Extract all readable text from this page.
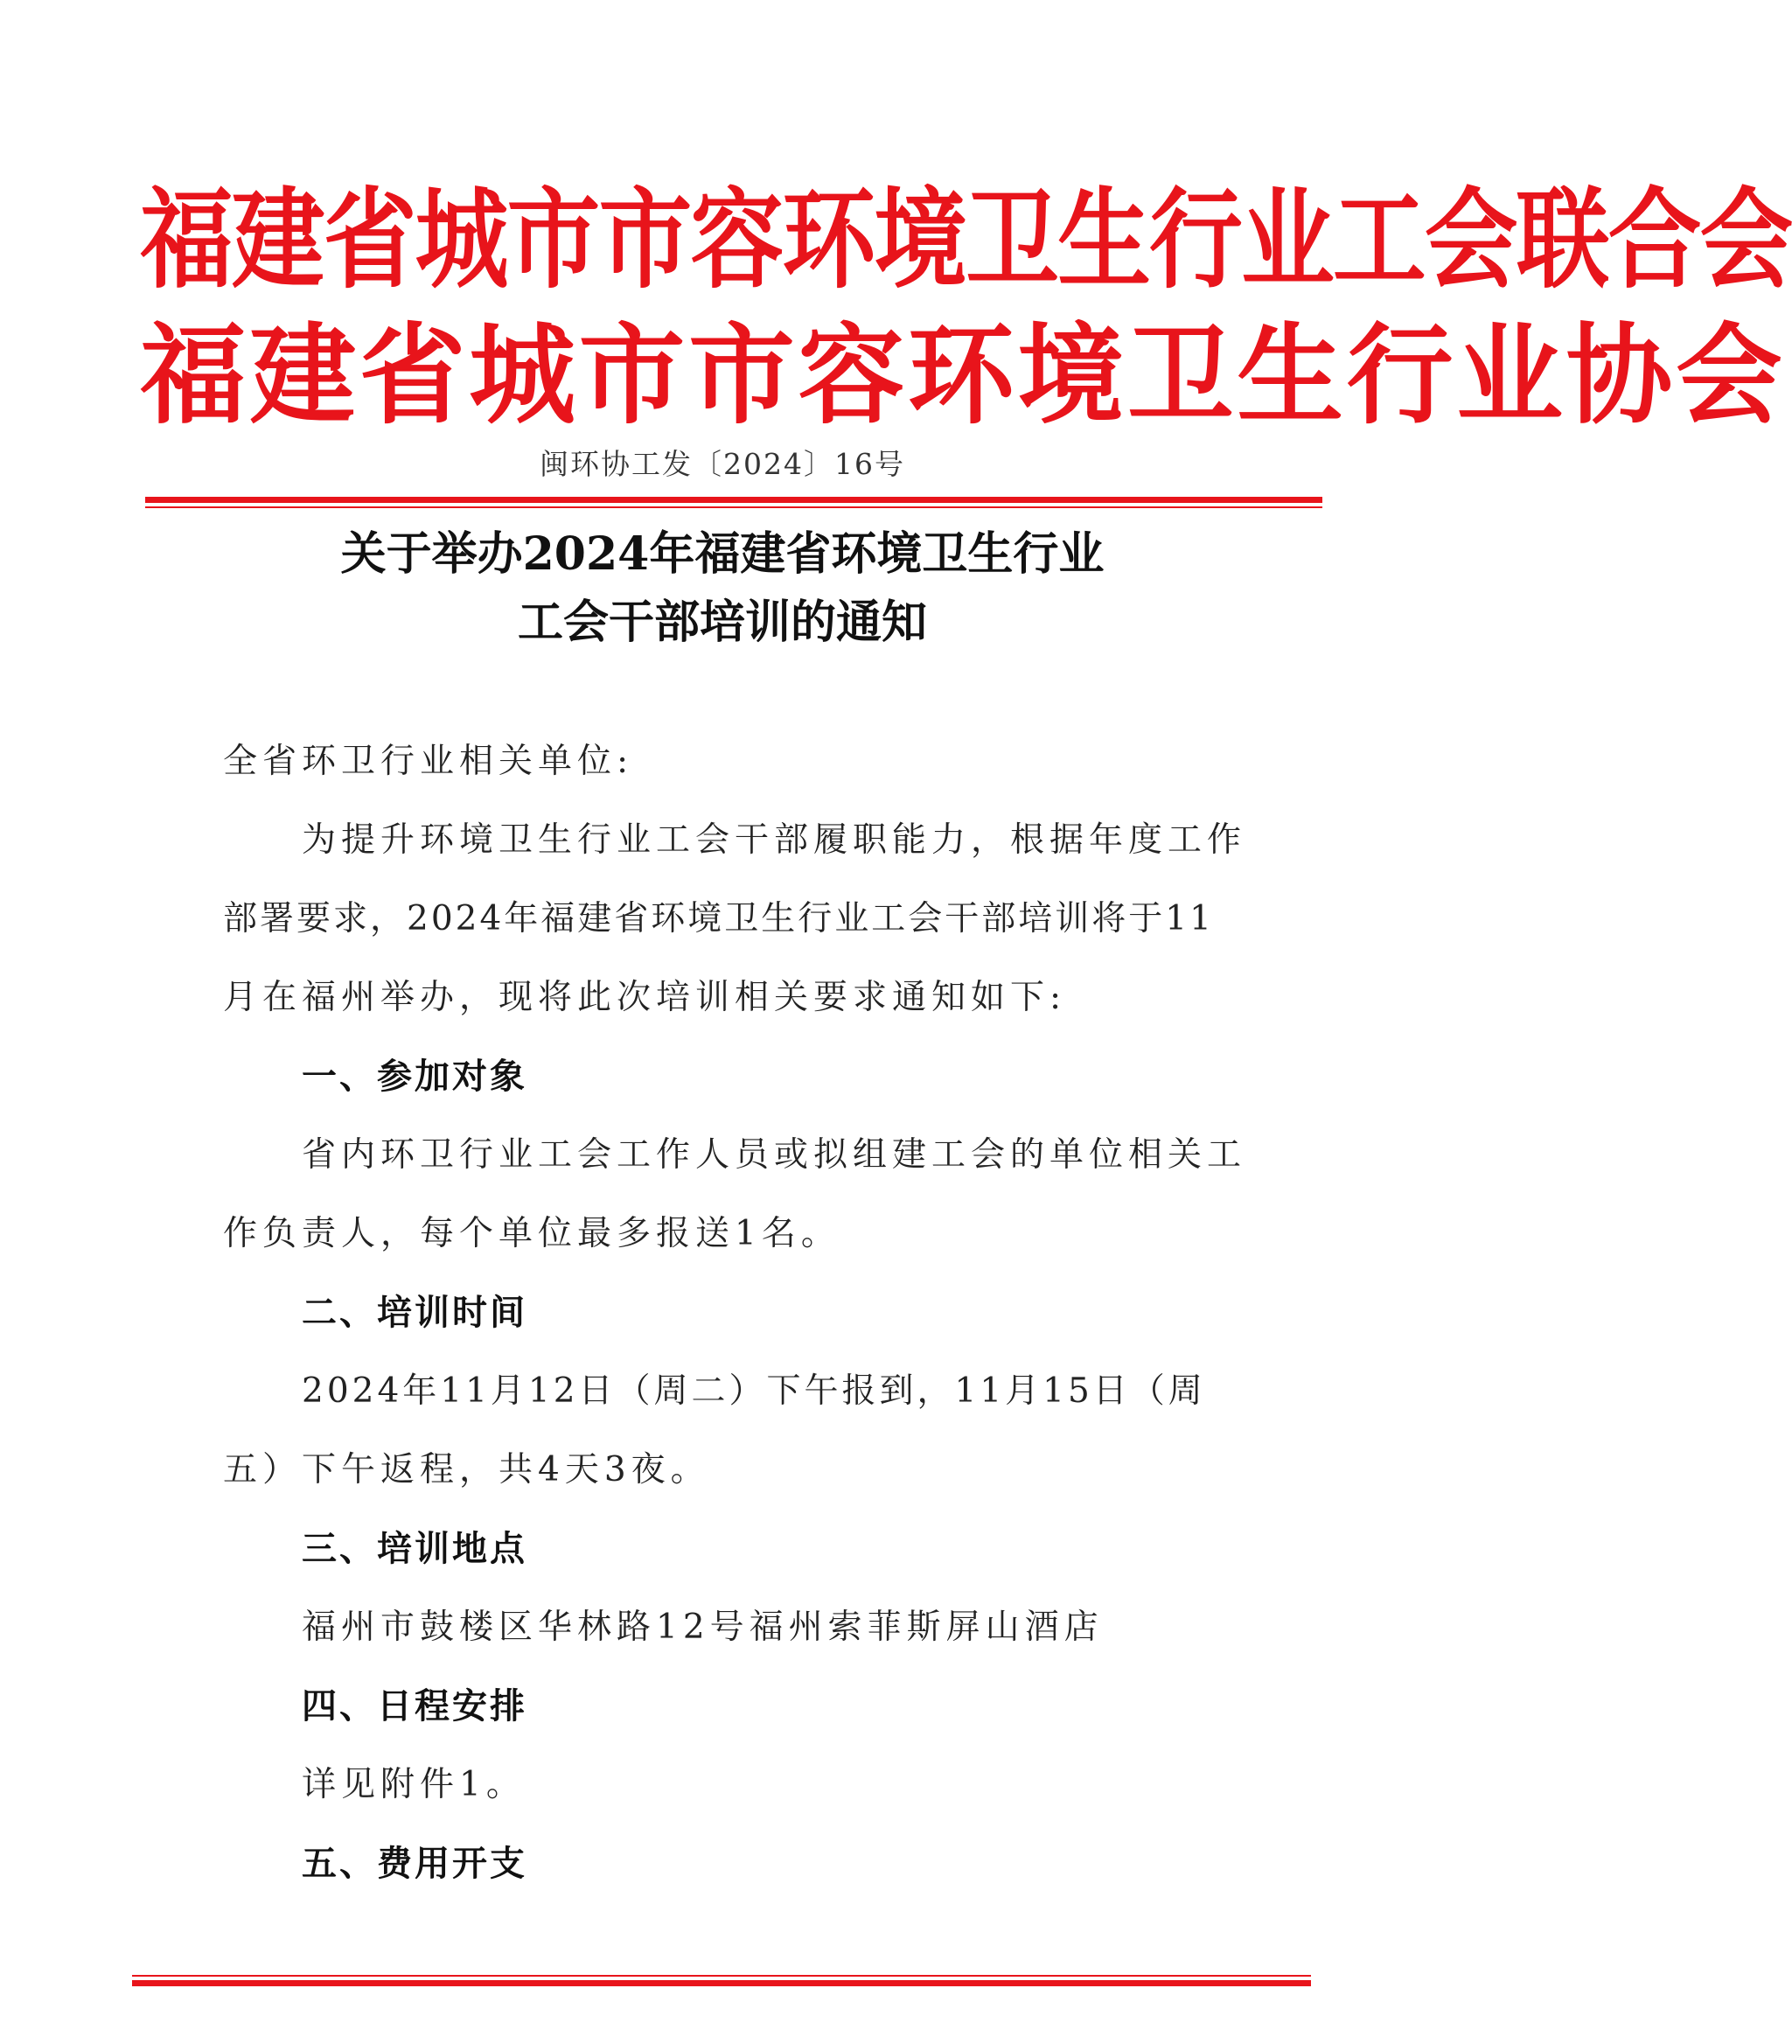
福建省城市市容环境卫生行业工会联合会
福建省城市市容环境卫生行业协会
闽环协工发〔2024〕16号
关于举办2024年福建省环境卫生行业
工会干部培训的通知
全省环卫行业相关单位:
为提升环境卫生行业工会干部履职能力，根据年度工作
部署要求，2024年福建省环境卫生行业工会干部培训将于11
月在福州举办，现将此次培训相关要求通知如下:
一、参加对象
省内环卫行业工会工作人员或拟组建工会的单位相关工
作负责人，每个单位最多报送1名。
二、培训时间
2024年11月12日（周二）下午报到，11月15日（周
五）下午返程，共4天3夜。
三、培训地点
福州市鼓楼区华林路12号福州索菲斯屏山酒店
四、日程安排
详见附件1。
五、费用开支
